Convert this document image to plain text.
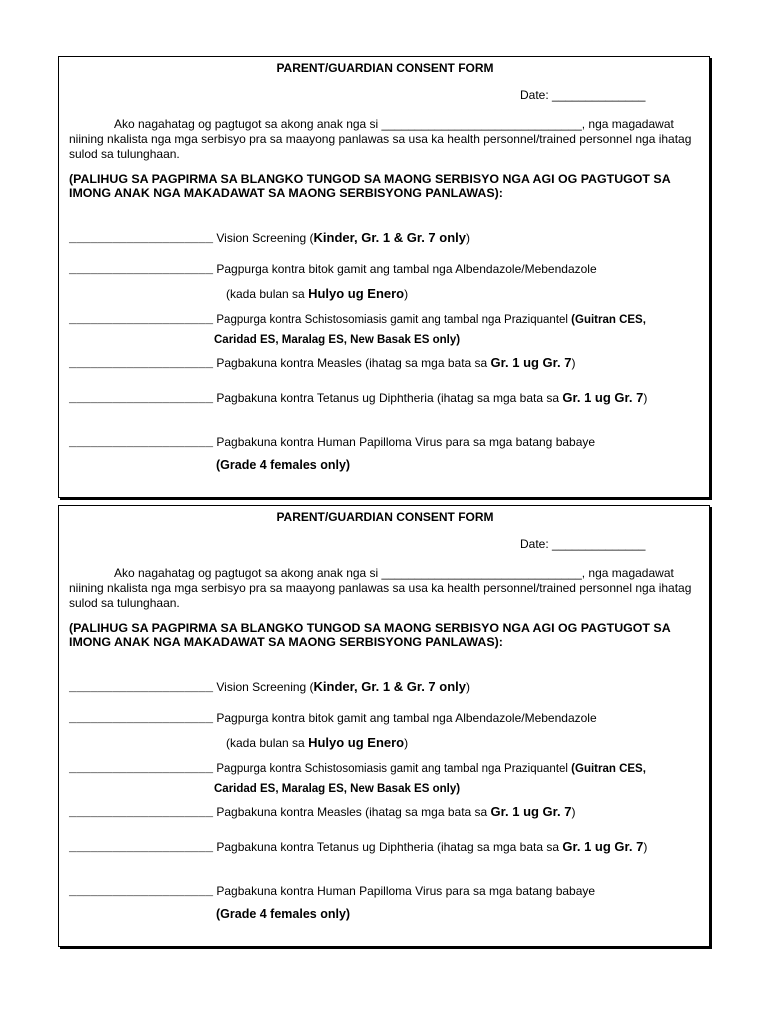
PARENT/GUARDIAN CONSENT FORM
Date: ______________
Ako nagahatag og pagtugot sa akong anak nga si ______________________________, nga magadawat niining nkalista nga mga serbisyo pra sa maayong panlawas sa usa ka health personnel/trained personnel nga ihatag sulod sa tulunghaan.
(PALIHUG SA PAGPIRMA SA BLANGKO TUNGOD SA MAONG SERBISYO NGA AGI OG PAGTUGOT SA IMONG ANAK NGA MAKADAWAT SA MAONG SERBISYONG PANLAWAS):
____________________ Vision Screening (Kinder, Gr. 1 & Gr. 7 only)
____________________ Pagpurga kontra bitok gamit ang tambal nga Albendazole/Mebendazole
(kada bulan sa Hulyo ug Enero)
____________________ Pagpurga kontra Schistosomiasis gamit ang tambal nga Praziquantel (Guitran CES,
Caridad ES, Maralag ES, New Basak ES only)
____________________ Pagbakuna kontra Measles (ihatag sa mga bata sa Gr. 1 ug Gr. 7)
____________________ Pagbakuna kontra Tetanus ug Diphtheria (ihatag sa mga bata sa Gr. 1 ug Gr. 7)
____________________ Pagbakuna kontra Human Papilloma Virus para sa mga batang babaye
(Grade 4 females only)
PARENT/GUARDIAN CONSENT FORM
Date: ______________
Ako nagahatag og pagtugot sa akong anak nga si ______________________________, nga magadawat niining nkalista nga mga serbisyo pra sa maayong panlawas sa usa ka health personnel/trained personnel nga ihatag sulod sa tulunghaan.
(PALIHUG SA PAGPIRMA SA BLANGKO TUNGOD SA MAONG SERBISYO NGA AGI OG PAGTUGOT SA IMONG ANAK NGA MAKADAWAT SA MAONG SERBISYONG PANLAWAS):
____________________ Vision Screening (Kinder, Gr. 1 & Gr. 7 only)
____________________ Pagpurga kontra bitok gamit ang tambal nga Albendazole/Mebendazole
(kada bulan sa Hulyo ug Enero)
____________________ Pagpurga kontra Schistosomiasis gamit ang tambal nga Praziquantel (Guitran CES,
Caridad ES, Maralag ES, New Basak ES only)
____________________ Pagbakuna kontra Measles (ihatag sa mga bata sa Gr. 1 ug Gr. 7)
____________________ Pagbakuna kontra Tetanus ug Diphtheria (ihatag sa mga bata sa Gr. 1 ug Gr. 7)
____________________ Pagbakuna kontra Human Papilloma Virus para sa mga batang babaye
(Grade 4 females only)
